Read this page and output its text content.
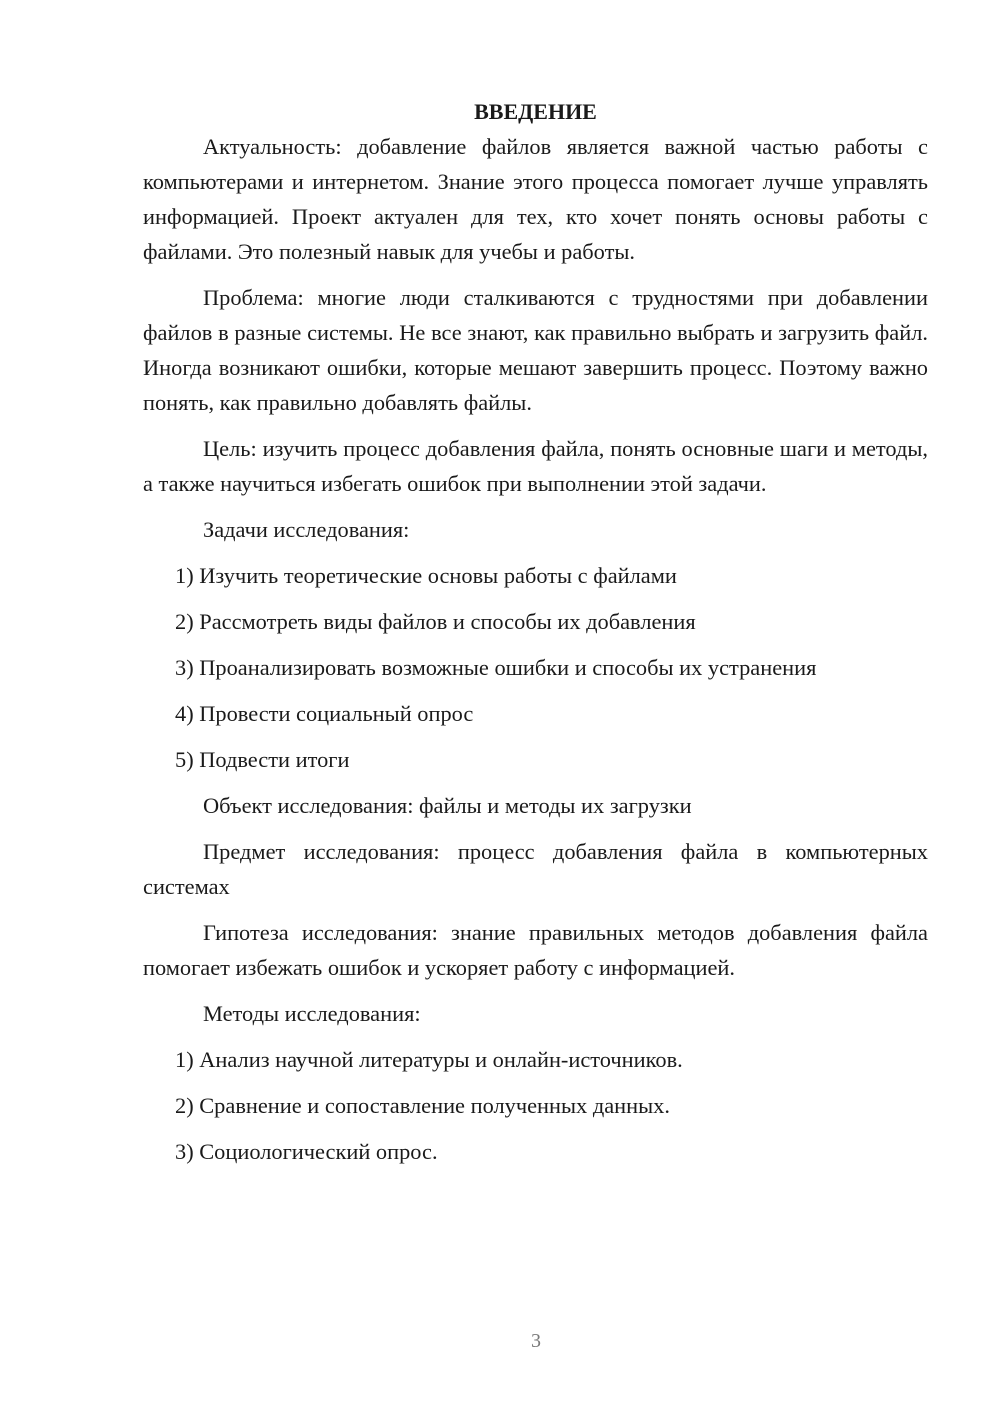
ВВЕДЕНИЕ

Актуальность: добавление файлов является важной частью работы с компьютерами и интернетом. Знание этого процесса помогает лучше управлять информацией. Проект актуален для тех, кто хочет понять основы работы с файлами. Это полезный навык для учебы и работы.

Проблема: многие люди сталкиваются с трудностями при добавлении файлов в разные системы. Не все знают, как правильно выбрать и загрузить файл. Иногда возникают ошибки, которые мешают завершить процесс. Поэтому важно понять, как правильно добавлять файлы.

Цель: изучить процесс добавления файла, понять основные шаги и методы, а также научиться избегать ошибок при выполнении этой задачи.

Задачи исследования:
1) Изучить теоретические основы работы с файлами
2) Рассмотреть виды файлов и способы их добавления
3) Проанализировать возможные ошибки и способы их устранения
4) Провести социальный опрос
5) Подвести итоги
Объект исследования: файлы и методы их загрузки

Предмет исследования: процесс добавления файла в компьютерных системах

Гипотеза исследования: знание правильных методов добавления файла помогает избежать ошибок и ускоряет работу с информацией.

Методы исследования:
1) Анализ научной литературы и онлайн-источников.
2) Сравнение и сопоставление полученных данных.
3) Социологический опрос.
3
